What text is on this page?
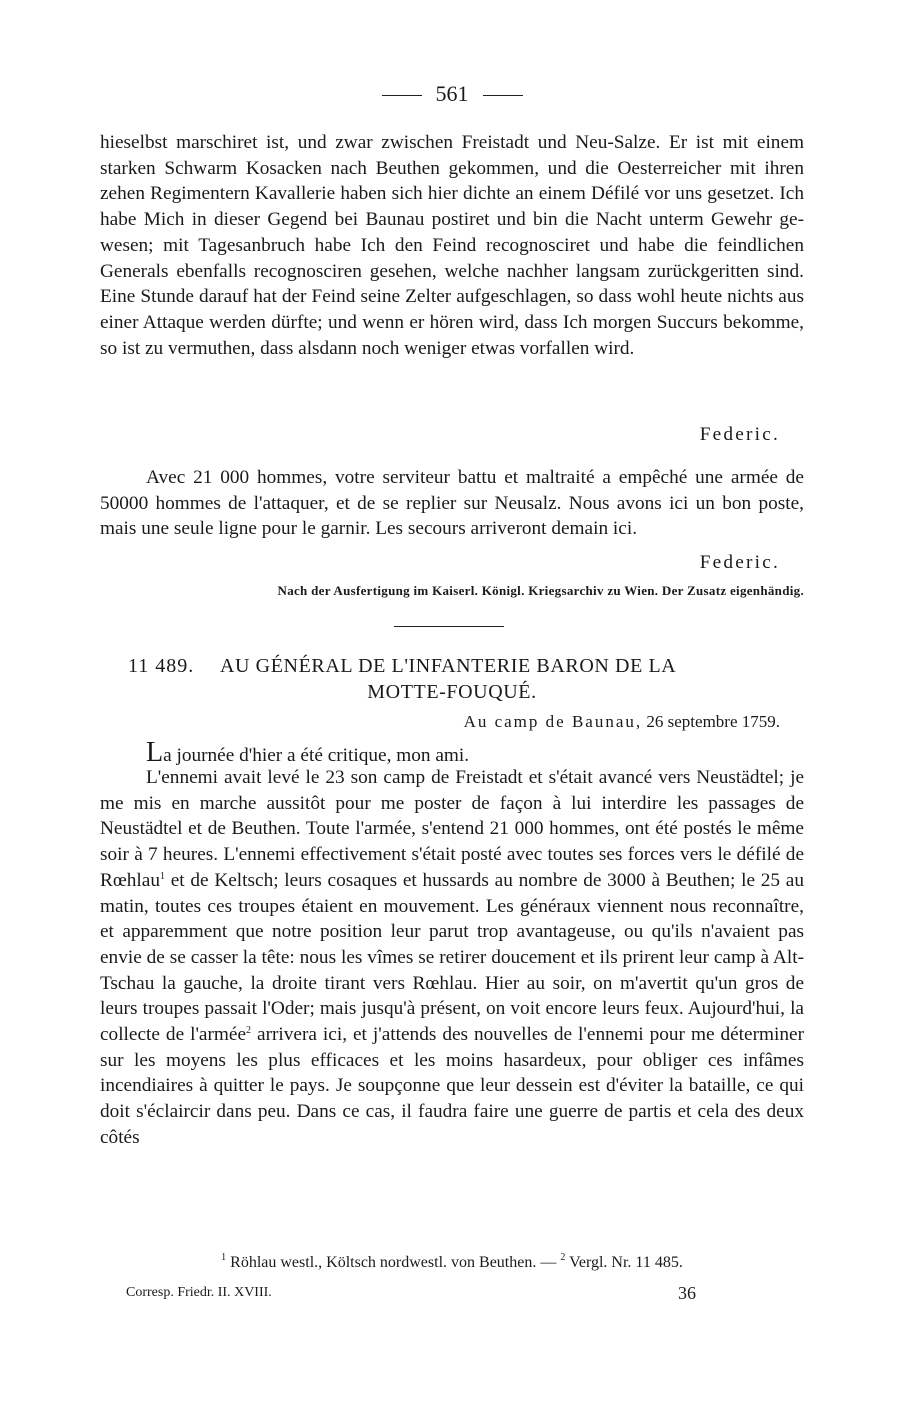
561
hieselbst marschiret ist, und zwar zwischen Freistadt und Neu-Salze. Er ist mit einem starken Schwarm Kosacken nach Beuthen gekommen, und die Oesterreicher mit ihren zehen Regimentern Kavallerie haben sich hier dichte an einem Défilé vor uns gesetzet. Ich habe Mich in dieser Gegend bei Baunau postiret und bin die Nacht unterm Gewehr gewesen; mit Tagesanbruch habe Ich den Feind recognosciret und habe die feindlichen Generals ebenfalls recognosciren gesehen, welche nachher langsam zurückgeritten sind. Eine Stunde darauf hat der Feind seine Zelter aufgeschlagen, so dass wohl heute nichts aus einer Attaque werden dürfte; und wenn er hören wird, dass Ich morgen Succurs bekomme, so ist zu vermuthen, dass alsdann noch weniger etwas vorfallen wird.
Federic.
Avec 21 000 hommes, votre serviteur battu et maltraité a empêché une armée de 50000 hommes de l'attaquer, et de se replier sur Neusalz. Nous avons ici un bon poste, mais une seule ligne pour le garnir. Les secours arriveront demain ici.
Federic.
Nach der Ausfertigung im Kaiserl. Königl. Kriegsarchiv zu Wien. Der Zusatz eigenhändig.
11 489. AU GÉNÉRAL DE L'INFANTERIE BARON DE LA
MOTTE-FOUQUÉ.
Au camp de Baunau, 26 septembre 1759.
La journée d'hier a été critique, mon ami.
L'ennemi avait levé le 23 son camp de Freistadt et s'était avancé vers Neustädtel; je me mis en marche aussitôt pour me poster de façon à lui interdire les passages de Neustädtel et de Beuthen. Toute l'armée, s'entend 21 000 hommes, ont été postés le même soir à 7 heures. L'ennemi effectivement s'était posté avec toutes ses forces vers le défilé de Rœhlau$^1$ et de Keltsch; leurs cosaques et hussards au nombre de 3000 à Beuthen; le 25 au matin, toutes ces troupes étaient en mouvement. Les généraux viennent nous reconnaître, et apparemment que notre position leur parut trop avantageuse, ou qu'ils n'avaient pas envie de se casser la tête: nous les vîmes se retirer doucement et ils prirent leur camp à Alt-Tschau la gauche, la droite tirant vers Rœhlau. Hier au soir, on m'avertit qu'un gros de leurs troupes passait l'Oder; mais jusqu'à présent, on voit encore leurs feux. Aujourd'hui, la collecte de l'armée$^2$ arrivera ici, et j'attends des nouvelles de l'ennemi pour me déterminer sur les moyens les plus efficaces et les moins hasardeux, pour obliger ces infâmes incendiaires à quitter le pays. Je soupçonne que leur dessein est d'éviter la bataille, ce qui doit s'éclaircir dans peu. Dans ce cas, il faudra faire une guerre de partis et cela des deux côtés
$^1$ Röhlau westl., Költsch nordwestl. von Beuthen. — $^2$ Vergl. Nr. 11 485.
Corresp. Friedr. II. XVIII.	36
